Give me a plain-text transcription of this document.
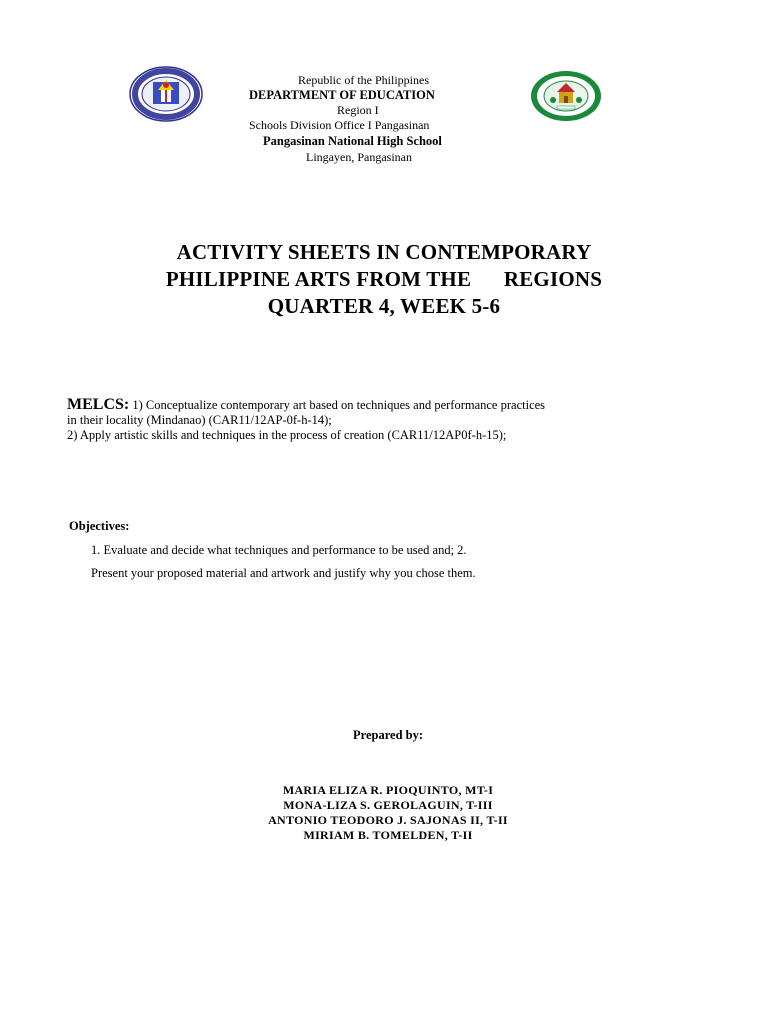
Republic of the Philippines
DEPARTMENT OF EDUCATION
Region I
Schools Division Office I Pangasinan
Pangasinan National High School
Lingayen, Pangasinan
ACTIVITY SHEETS IN CONTEMPORARY
PHILIPPINE ARTS FROM THE      REGIONS
QUARTER 4, WEEK 5-6
MELCS: 1) Conceptualize contemporary art based on techniques and performance practices
in their locality (Mindanao) (CAR11/12AP-0f-h-14);
2) Apply artistic skills and techniques in the process of creation (CAR11/12AP0f-h-15);
Objectives:
1. Evaluate and decide what techniques and performance to be used and; 2.
Present your proposed material and artwork and justify why you chose them.
Prepared by:
MARIA ELIZA R. PIOQUINTO, MT-I
MONA-LIZA S. GEROLAGUIN, T-III
ANTONIO TEODORO J. SAJONAS II, T-II
MIRIAM B. TOMELDEN, T-II
